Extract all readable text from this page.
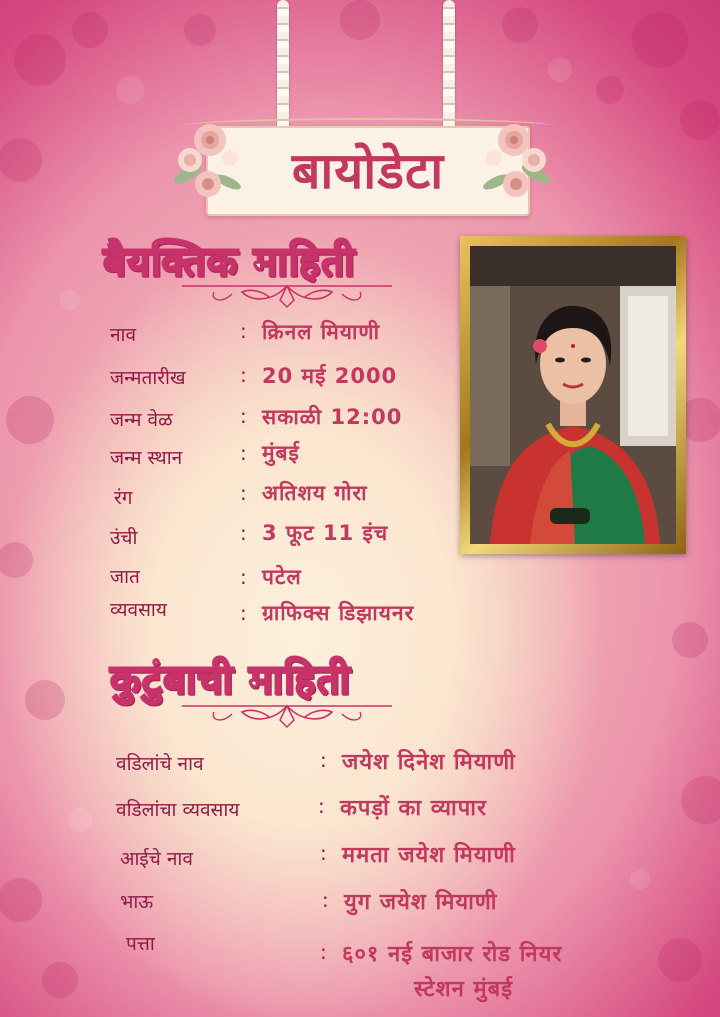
बायोडेटा
बैयक्तिक माहिती
नाव	: क्रिनल मियाणी
जन्मतारीख	: 20 मई 2000
जन्म वेळ	: सकाळी 12:00
जन्म स्थान	: मुंबई
रंग	: अतिशय गोरा
उंची	: 3 फूट 11 इंच
जात	: पटेल
व्यवसाय	: ग्राफिक्स डिझायनर
कुटुंबाची माहिती
वडिलांचे नाव	: जयेश दिनेश मियाणी
वडिलांचा व्यवसाय	: कपड़ों का व्यापार
आईचे नाव	: ममता जयेश मियाणी
भाऊ	: युग जयेश मियाणी
पत्ता	: ६०१ नई बाजार रोड नियर
स्टेशन मुंबई
